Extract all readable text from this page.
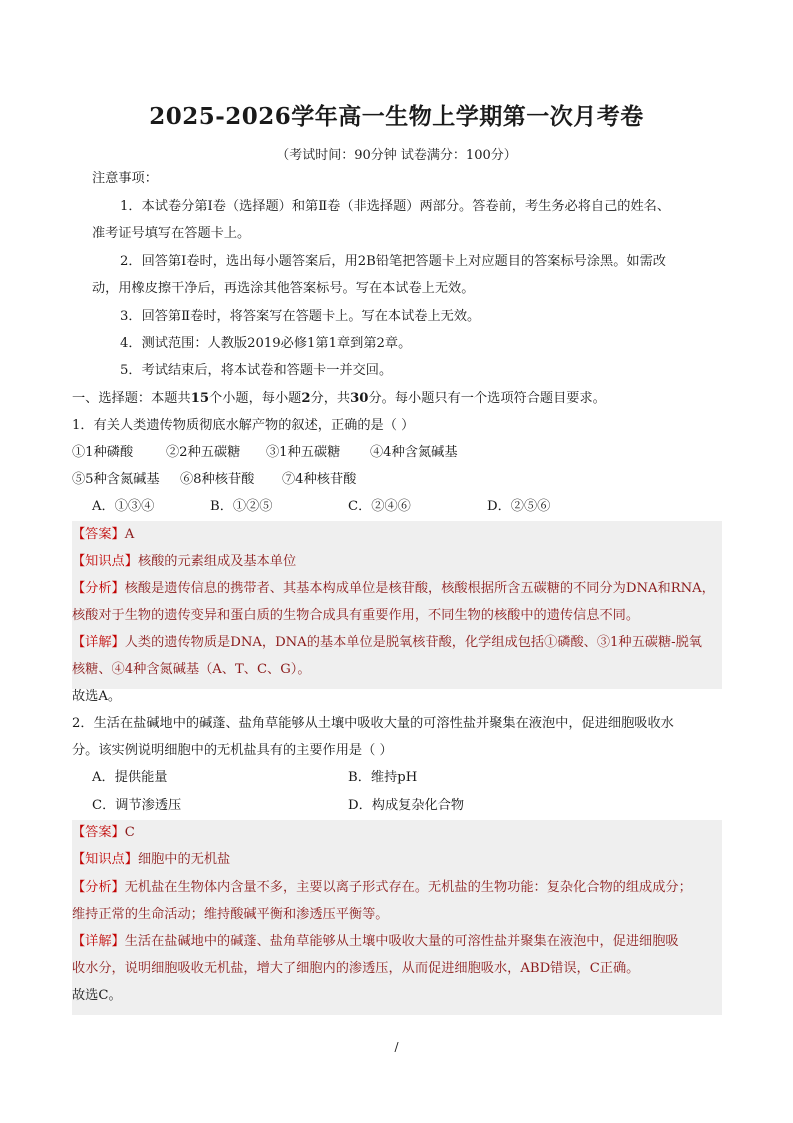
2025-2026学年高一生物上学期第一次月考卷
（考试时间：90分钟 试卷满分：100分）
注意事项：
1．本试卷分第Ⅰ卷（选择题）和第Ⅱ卷（非选择题）两部分。答卷前，考生务必将自己的姓名、
准考证号填写在答题卡上。
2．回答第Ⅰ卷时，选出每小题答案后，用2B铅笔把答题卡上对应题目的答案标号涂黑。如需改
动，用橡皮擦干净后，再选涂其他答案标号。写在本试卷上无效。
3．回答第Ⅱ卷时，将答案写在答题卡上。写在本试卷上无效。
4．测试范围：人教版2019必修1第1章到第2章。
5．考试结束后，将本试卷和答题卡一并交回。
一、选择题：本题共15个小题，每小题2分，共30分。每小题只有一个选项符合题目要求。
1．有关人类遗传物质彻底水解产物的叙述，正确的是（ ）
①1种磷酸 ②2种五碳糖 ③1种五碳糖 ④4种含氮碱基
⑤5种含氮碱基 ⑥8种核苷酸 ⑦4种核苷酸
A．①③④	B．①②⑤	C．②④⑥	D．②⑤⑥
【答案】A
【知识点】核酸的元素组成及基本单位
【分析】核酸是遗传信息的携带者、其基本构成单位是核苷酸，核酸根据所含五碳糖的不同分为DNA和RNA，
核酸对于生物的遗传变异和蛋白质的生物合成具有重要作用，不同生物的核酸中的遗传信息不同。
【详解】人类的遗传物质是DNA，DNA的基本单位是脱氧核苷酸，化学组成包括①磷酸、③1种五碳糖-脱氧
核糖、④4种含氮碱基（A、T、C、G）。
故选A。
2．生活在盐碱地中的碱蓬、盐角草能够从土壤中吸收大量的可溶性盐并聚集在液泡中，促进细胞吸收水
分。该实例说明细胞中的无机盐具有的主要作用是（ ）
A．提供能量	B．维持pH
C．调节渗透压	D．构成复杂化合物
【答案】C
【知识点】细胞中的无机盐
【分析】无机盐在生物体内含量不多，主要以离子形式存在。无机盐的生物功能：复杂化合物的组成成分；
维持正常的生命活动；维持酸碱平衡和渗透压平衡等。
【详解】生活在盐碱地中的碱蓬、盐角草能够从土壤中吸收大量的可溶性盐并聚集在液泡中，促进细胞吸
收水分，说明细胞吸收无机盐，增大了细胞内的渗透压，从而促进细胞吸水，ABD错误，C正确。
故选C。
/
